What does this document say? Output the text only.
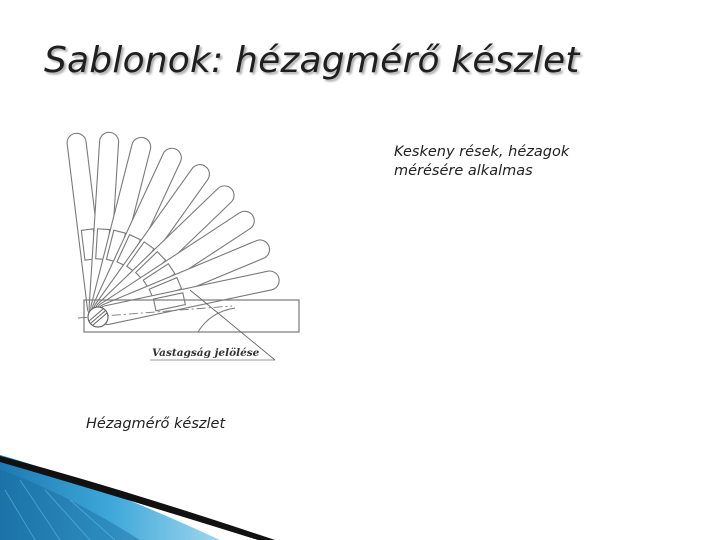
Sablonok: hézagmérő készlet
Keskeny rések, hézagok
mérésére alkalmas
Vastagság jelölése
Hézagmérő készlet
